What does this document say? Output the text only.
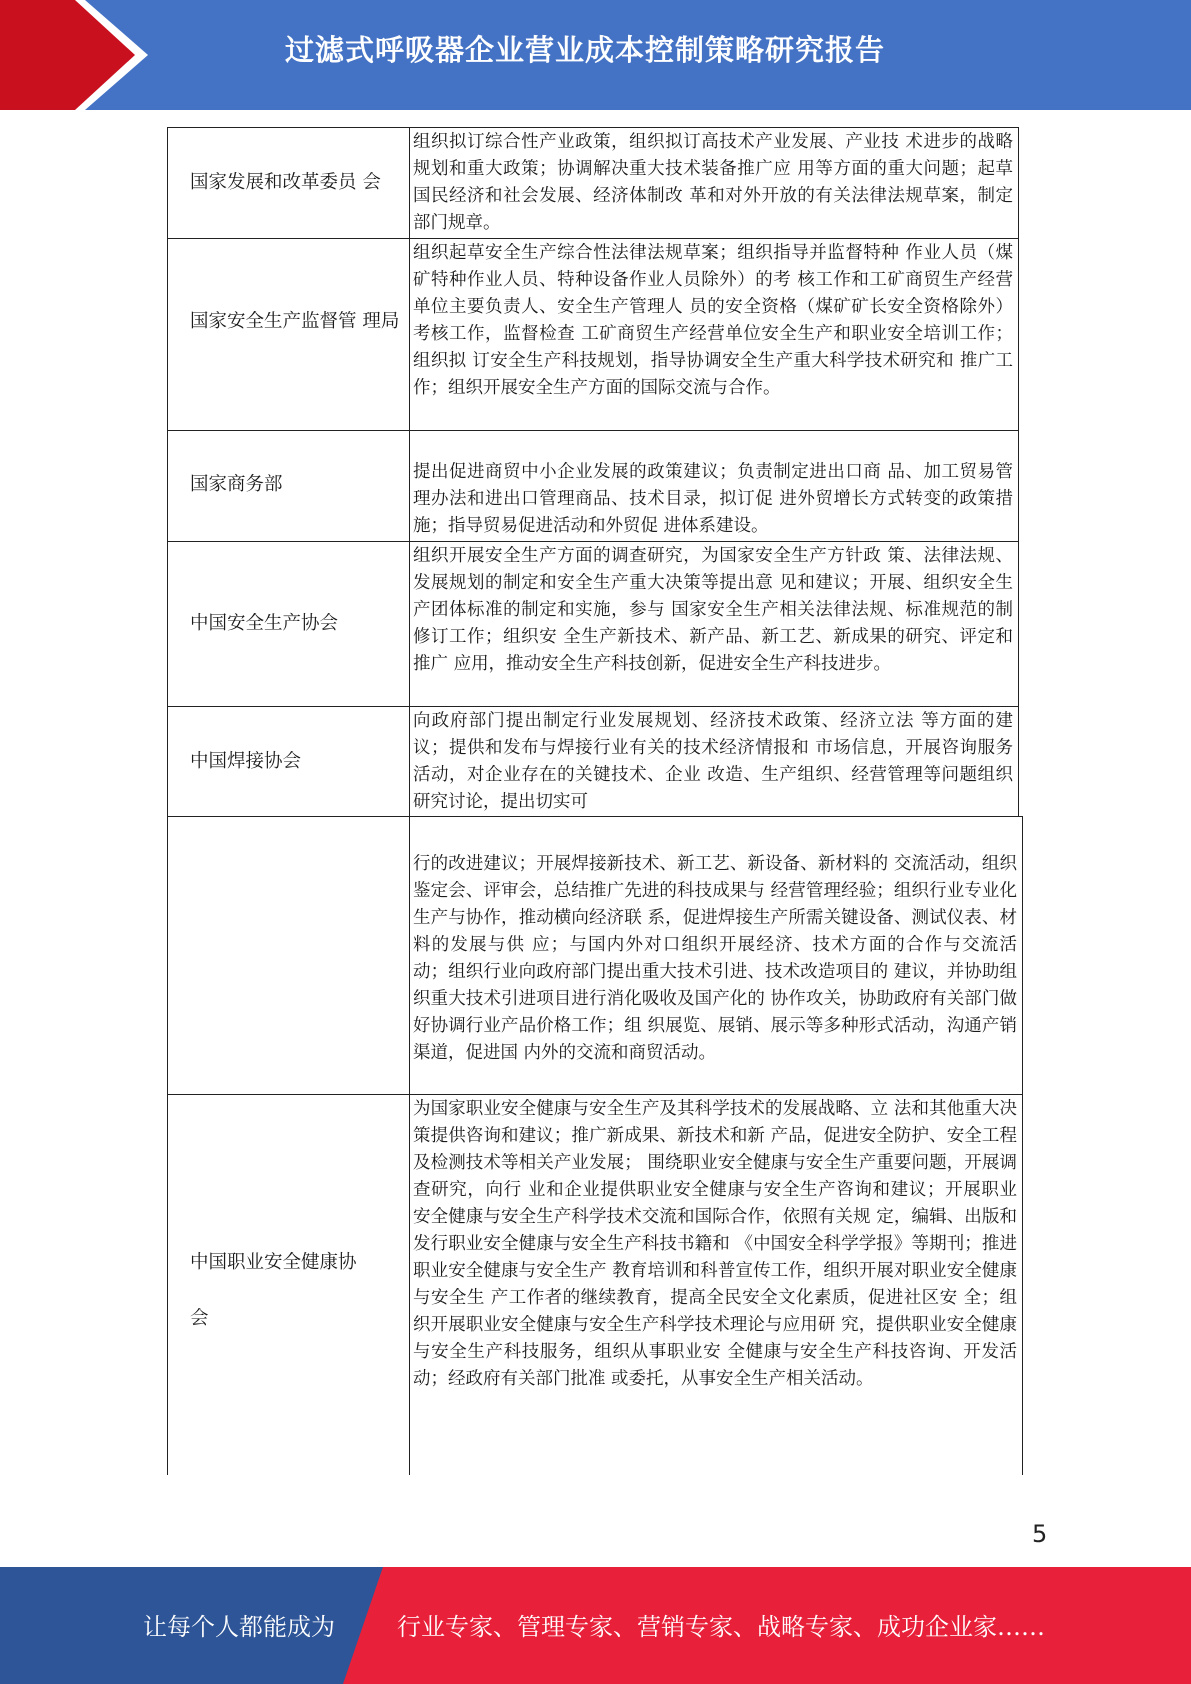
过滤式呼吸器企业营业成本控制策略研究报告
国家发展和改革委员 会
组织拟订综合性产业政策，组织拟订高技术产业发展、产业技 术进步的战略规划和重大政策；协调解决重大技术装备推广应 用等方面的重大问题；起草国民经济和社会发展、经济体制改 革和对外开放的有关法律法规草案，制定部门规章。
国家安全生产监督管 理局
组织起草安全生产综合性法律法规草案；组织指导并监督特种 作业人员（煤矿特种作业人员、特种设备作业人员除外）的考 核工作和工矿商贸生产经营单位主要负责人、安全生产管理人 员的安全资格（煤矿矿长安全资格除外）考核工作，监督检查 工矿商贸生产经营单位安全生产和职业安全培训工作；组织拟 订安全生产科技规划，指导协调安全生产重大科学技术研究和 推广工作；组织开展安全生产方面的国际交流与合作。
国家商务部
提出促进商贸中小企业发展的政策建议；负责制定进出口商 品、加工贸易管理办法和进出口管理商品、技术目录，拟订促 进外贸增长方式转变的政策措施；指导贸易促进活动和外贸促 进体系建设。
中国安全生产协会
组织开展安全生产方面的调查研究，为国家安全生产方针政 策、法律法规、发展规划的制定和安全生产重大决策等提出意 见和建议；开展、组织安全生产团体标准的制定和实施，参与 国家安全生产相关法律法规、标准规范的制修订工作；组织安 全生产新技术、新产品、新工艺、新成果的研究、评定和推广 应用，推动安全生产科技创新，促进安全生产科技进步。
中国焊接协会
向政府部门提出制定行业发展规划、经济技术政策、经济立法 等方面的建议；提供和发布与焊接行业有关的技术经济情报和 市场信息，开展咨询服务活动，对企业存在的关键技术、企业 改造、生产组织、经营管理等问题组织研究讨论，提出切实可
行的改进建议；开展焊接新技术、新工艺、新设备、新材料的 交流活动，组织鉴定会、评审会，总结推广先进的科技成果与 经营管理经验；组织行业专业化生产与协作，推动横向经济联 系，促进焊接生产所需关键设备、测试仪表、材料的发展与供 应；与国内外对口组织开展经济、技术方面的合作与交流活 动；组织行业向政府部门提出重大技术引进、技术改造项目的 建议，并协助组织重大技术引进项目进行消化吸收及国产化的 协作攻关，协助政府有关部门做好协调行业产品价格工作；组 织展览、展销、展示等多种形式活动，沟通产销渠道，促进国 内外的交流和商贸活动。
中国职业安全健康协 会
为国家职业安全健康与安全生产及其科学技术的发展战略、立 法和其他重大决策提供咨询和建议；推广新成果、新技术和新 产品，促进安全防护、安全工程及检测技术等相关产业发展； 围绕职业安全健康与安全生产重要问题，开展调查研究，向行 业和企业提供职业安全健康与安全生产咨询和建议；开展职业 安全健康与安全生产科学技术交流和国际合作，依照有关规 定，编辑、出版和发行职业安全健康与安全生产科技书籍和 《中国安全科学学报》等期刊；推进职业安全健康与安全生产 教育培训和科普宣传工作，组织开展对职业安全健康与安全生 产工作者的继续教育，提高全民安全文化素质，促进社区安 全；组织开展职业安全健康与安全生产科学技术理论与应用研 究，提供职业安全健康与安全生产科技服务，组织从事职业安 全健康与安全生产科技咨询、开发活动；经政府有关部门批准 或委托，从事安全生产相关活动。
5
让每个人都能成为	行业专家、管理专家、营销专家、战略专家、成功企业家……
